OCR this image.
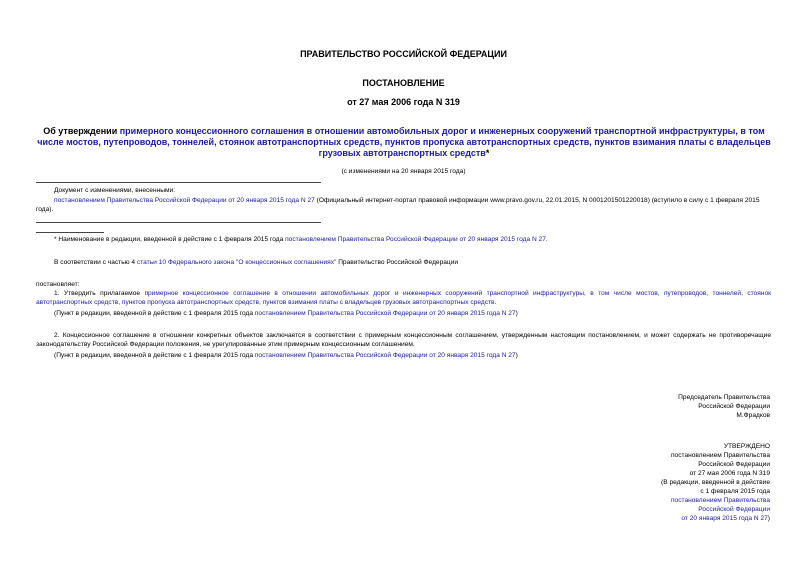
ПРАВИТЕЛЬСТВО РОССИЙСКОЙ ФЕДЕРАЦИИ
ПОСТАНОВЛЕНИЕ
от 27 мая 2006 года N 319
Об утверждении примерного концессионного соглашения в отношении автомобильных дорог и инженерных сооружений транспортной инфраструктуры, в том числе мостов, путепроводов, тоннелей, стоянок автотранспортных средств, пунктов пропуска автотранспортных средств, пунктов взимания платы с владельцев грузовых автотранспортных средств*
(с изменениями на 20 января 2015 года)
Документ с изменениями, внесенными:
постановлением Правительства Российской Федерации от 20 января 2015 года N 27 (Официальный интернет-портал правовой информации www.pravo.gov.ru, 22.01.2015, N 0001201501220018) (вступило в силу с 1 февраля 2015 года).
* Наименование в редакции, введенной в действие с 1 февраля 2015 года постановлением Правительства Российской Федерации от 20 января 2015 года N 27.
В соответствии с частью 4 статьи 10 Федерального закона "О концессионных соглашениях" Правительство Российской Федерации
постановляет:
1. Утвердить прилагаемое примерное концессионное соглашение в отношении автомобильных дорог и инженерных сооружений транспортной инфраструктуры, в том числе мостов, путепроводов, тоннелей, стоянок автотранспортных средств, пунктов пропуска автотранспортных средств, пунктов взимания платы с владельцев грузовых автотранспортных средств.
(Пункт в редакции, введенной в действие с 1 февраля 2015 года постановлением Правительства Российской Федерации от 20 января 2015 года N 27)
2. Концессионное соглашение в отношении конкретных объектов заключается в соответствии с примерным концессионным соглашением, утвержденным настоящим постановлением, и может содержать не противоречащие законодательству Российской Федерации положения, не урегулированные этим примерным концессионным соглашением.
(Пункт в редакции, введенной в действие с 1 февраля 2015 года постановлением Правительства Российской Федерации от 20 января 2015 года N 27)
Председатель Правительства
Российской Федерации
М.Фрадков
УТВЕРЖДЕНО
постановлением Правительства
Российской Федерации
от 27 мая 2006 года N 319
(В редакции, введенной в действие
с 1 февраля 2015 года
постановлением Правительства
Российской Федерации
от 20 января 2015 года N 27)
